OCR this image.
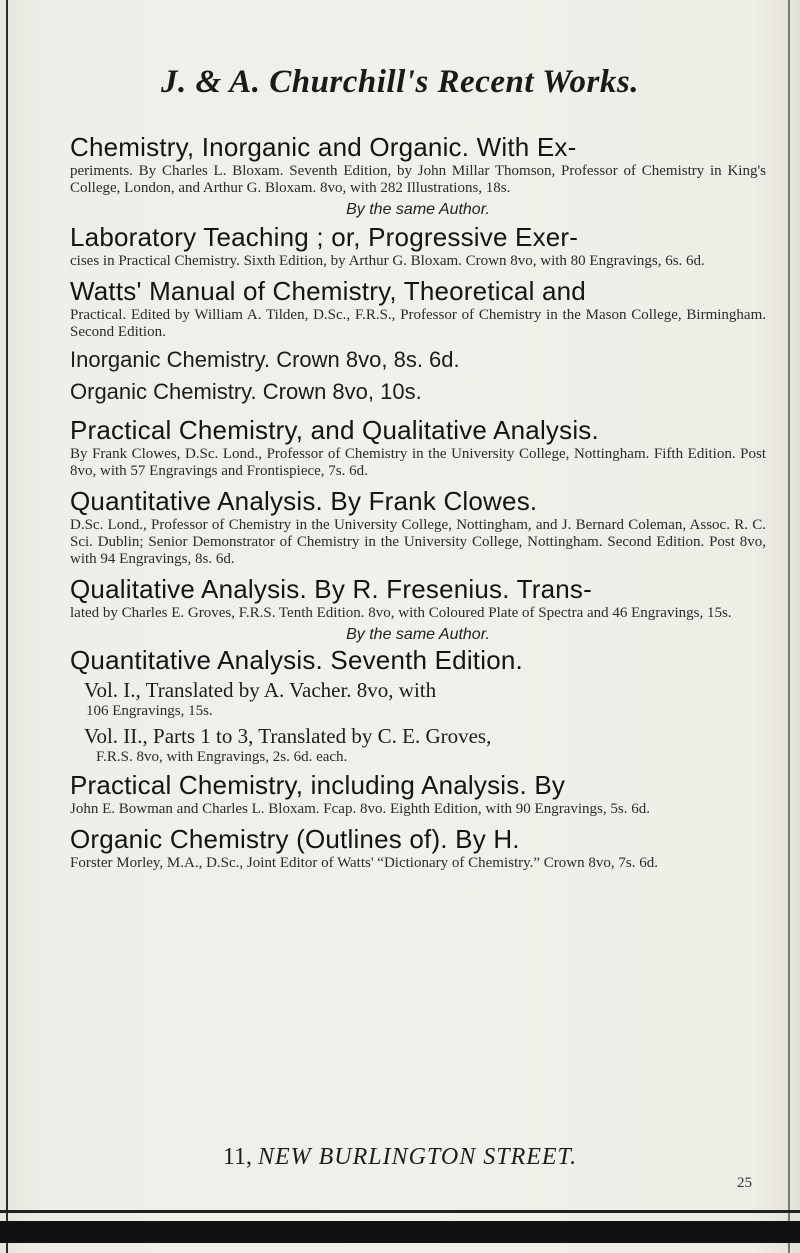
J. & A. Churchill's Recent Works.
Chemistry, Inorganic and Organic. With Ex-
periments. By Charles L. Bloxam. Seventh Edition, by John Millar Thomson, Professor of Chemistry in King's College, London, and Arthur G. Bloxam. 8vo, with 282 Illustrations, 18s.
By the same Author.
Laboratory Teaching ; or, Progressive Exer-
cises in Practical Chemistry. Sixth Edition, by Arthur G. Bloxam. Crown 8vo, with 80 Engravings, 6s. 6d.
Watts' Manual of Chemistry, Theoretical and
Practical. Edited by William A. Tilden, D.Sc., F.R.S., Professor of Chemistry in the Mason College, Birmingham. Second Edition.
Inorganic Chemistry. Crown 8vo, 8s. 6d.
Organic Chemistry. Crown 8vo, 10s.
Practical Chemistry, and Qualitative Analysis.
By Frank Clowes, D.Sc. Lond., Professor of Chemistry in the University College, Nottingham. Fifth Edition. Post 8vo, with 57 Engravings and Frontispiece, 7s. 6d.
Quantitative Analysis. By Frank Clowes.
D.Sc. Lond., Professor of Chemistry in the University College, Nottingham, and J. Bernard Coleman, Assoc. R. C. Sci. Dublin; Senior Demonstrator of Chemistry in the University College, Nottingham. Second Edition. Post 8vo, with 94 Engravings, 8s. 6d.
Qualitative Analysis. By R. Fresenius. Trans-
lated by Charles E. Groves, F.R.S. Tenth Edition. 8vo, with Coloured Plate of Spectra and 46 Engravings, 15s.
By the same Author.
Quantitative Analysis. Seventh Edition.
Vol. I., Translated by A. Vacher. 8vo, with
106 Engravings, 15s.
Vol. II., Parts 1 to 3, Translated by C. E. Groves,
F.R.S. 8vo, with Engravings, 2s. 6d. each.
Practical Chemistry, including Analysis. By
John E. Bowman and Charles L. Bloxam. Fcap. 8vo. Eighth Edition, with 90 Engravings, 5s. 6d.
Organic Chemistry (Outlines of). By H.
Forster Morley, M.A., D.Sc., Joint Editor of Watts' “Dictionary of Chemistry.” Crown 8vo, 7s. 6d.
11, NEW BURLINGTON STREET.
25
